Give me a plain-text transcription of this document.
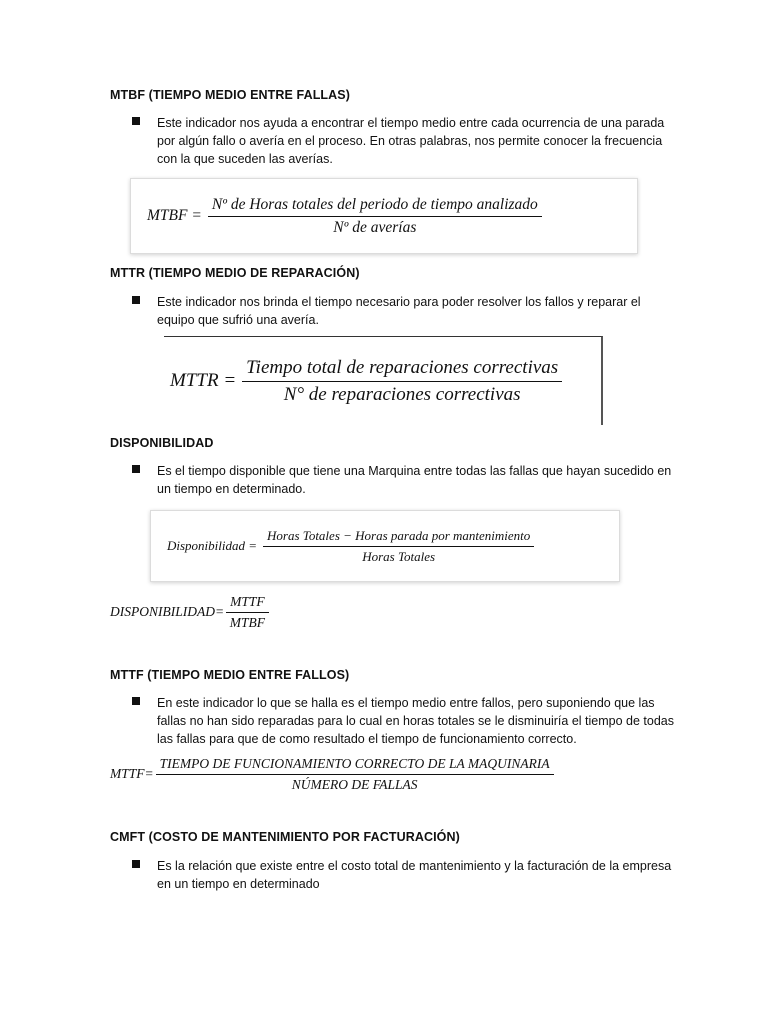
MTBF (TIEMPO MEDIO ENTRE FALLAS)
Este indicador nos ayuda a encontrar el tiempo medio entre cada ocurrencia de una parada por algún fallo o avería en el proceso. En otras palabras, nos permite conocer la frecuencia con la que suceden las averías.
MTBF = $\frac{\text{Nº de Horas totales del periodo de tiempo analizado}}{\text{Nº de averías}}$
MTTR (TIEMPO MEDIO DE REPARACIÓN)
Este indicador nos brinda el tiempo necesario para poder resolver los fallos y reparar el equipo que sufrió una avería.
MTTR = $\frac{\text{Tiempo total de reparaciones correctivas}}{\text{N° de reparaciones correctivas}}$
DISPONIBILIDAD
Es el tiempo disponible que tiene una Marquina entre todas las fallas que hayan sucedido en un tiempo en determinado.
Disponibilidad = $\frac{\text{Horas Totales − Horas parada por mantenimiento}}{\text{Horas Totales}}$
DISPONIBILIDAD= $\frac{\text{MTTF}}{\text{MTBF}}$
MTTF (TIEMPO MEDIO ENTRE FALLOS)
En este indicador lo que se halla es el tiempo medio entre fallos, pero suponiendo que las fallas no han sido reparadas para lo cual en horas totales se le disminuiría el tiempo de todas las fallas para que de como resultado el tiempo de funcionamiento correcto.
MTTF= $\frac{\text{TIEMPO DE FUNCIONAMIENTO CORRECTO DE LA MAQUINARIA}}{\text{NÚMERO DE FALLAS}}$
CMFT (COSTO DE MANTENIMIENTO POR FACTURACIÓN)
Es la relación que existe entre el costo total de mantenimiento y la facturación de la empresa en un tiempo en determinado
